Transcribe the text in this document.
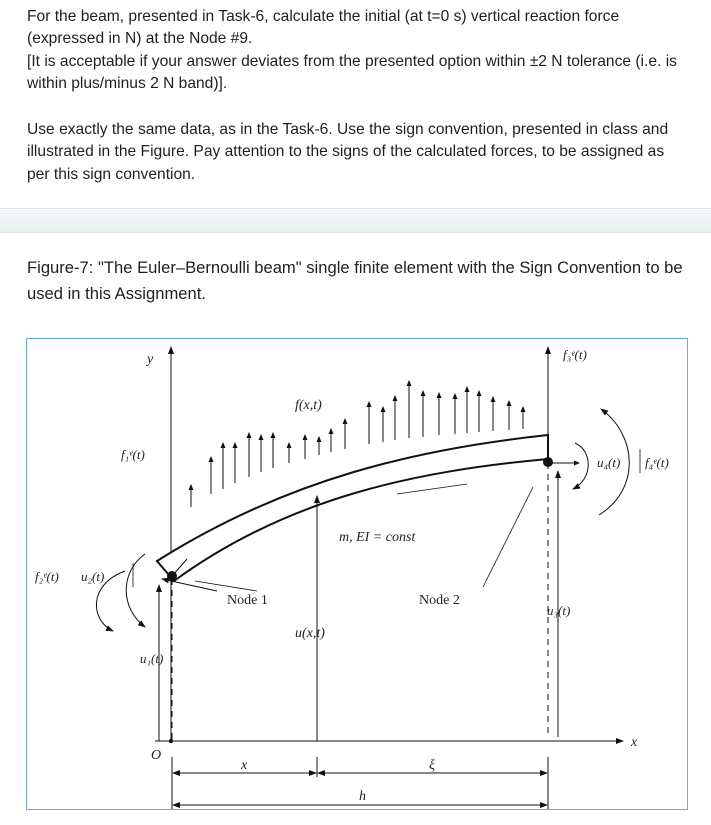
For the beam, presented in Task-6, calculate the initial (at t=0 s) vertical reaction force (expressed in N) at the Node #9.

[It is acceptable if your answer deviates from the presented option within ±2 N tolerance (i.e. is within plus/minus 2 N band)].

Use exactly the same data, as in the Task-6. Use the sign convention, presented in class and illustrated in the Figure. Pay attention to the signs of the calculated forces, to be assigned as per this sign convention.

Figure-7: "The Euler–Bernoulli beam" single finite element with the Sign Convention to be used in this Assignment.

y
x
O
u₁(t)
u₃(t)
f₃ᵉ(t)
f₁ᵉ(t)
f(x,t)
m, EI = const
Node 1	Node 2
u(x,t)
f₂ᵉ(t) u₂(t)
u₄(t) f₄ᵉ(t)
x	ξ
h
